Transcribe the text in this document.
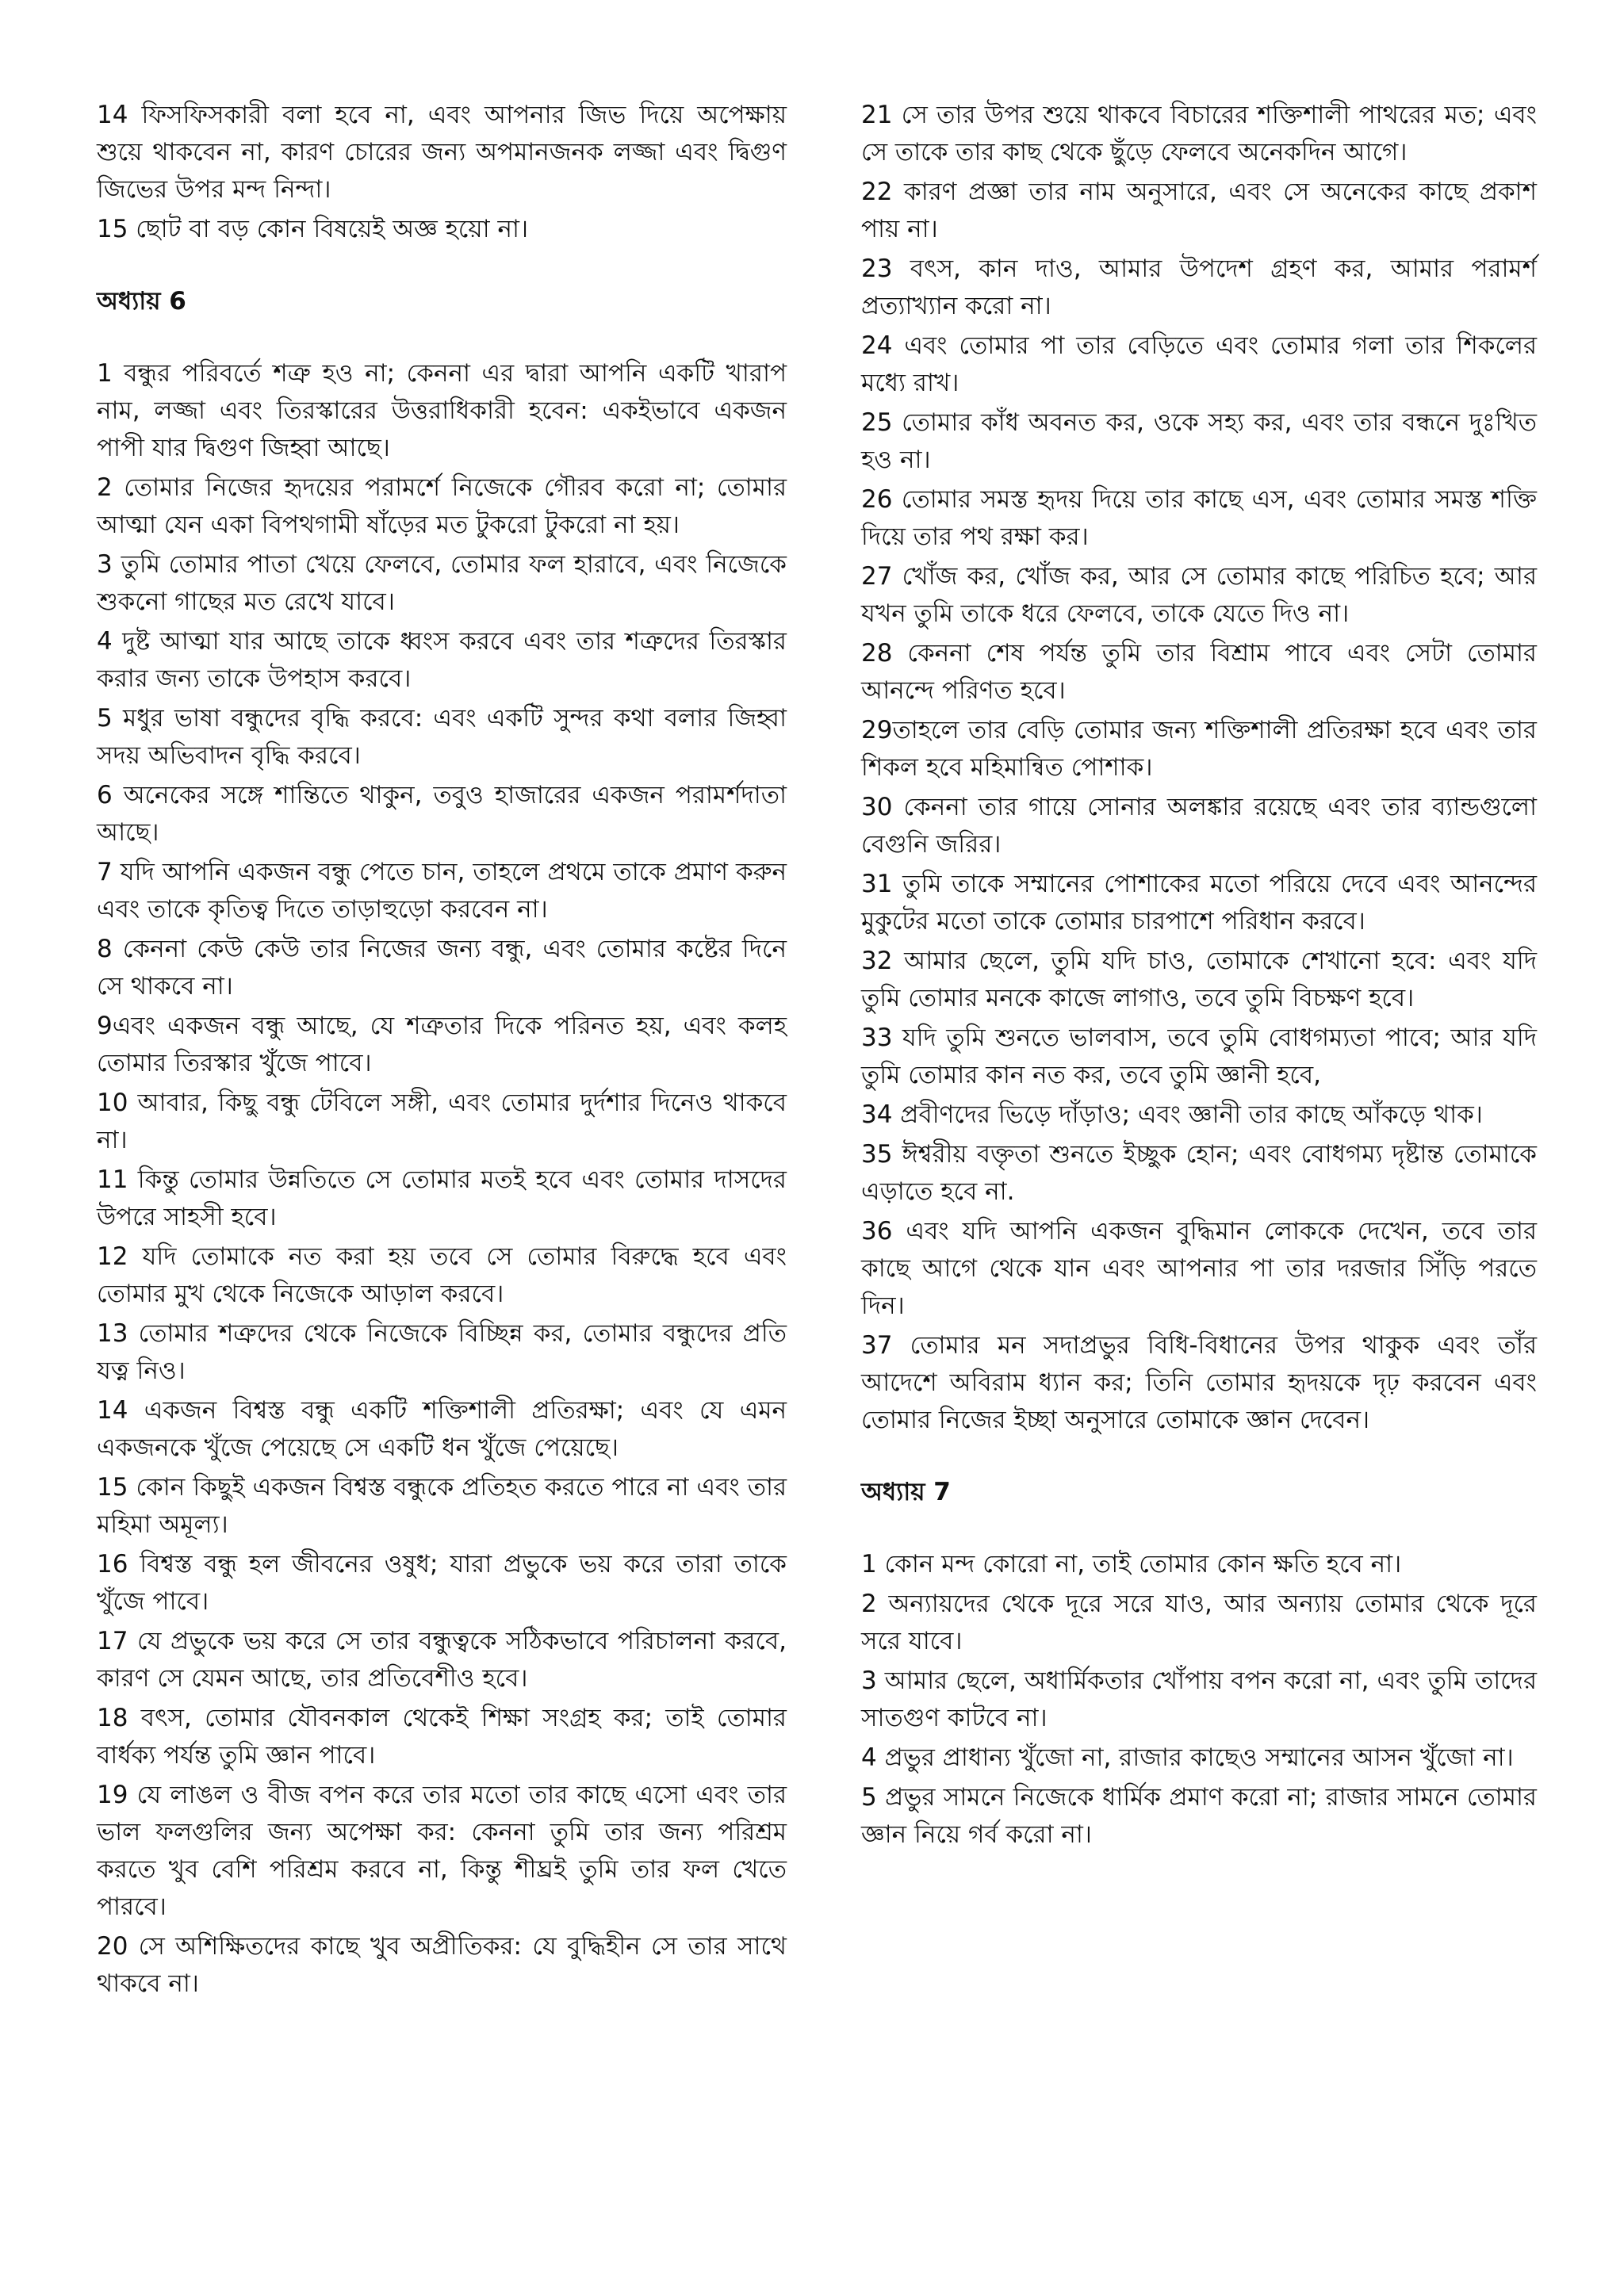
14 ফিসফিসকারী বলা হবে না, এবং আপনার জিভ দিয়ে অপেক্ষায় শুয়ে থাকবেন না, কারণ চোরের জন্য অপমানজনক লজ্জা এবং দ্বিগুণ জিভের উপর মন্দ নিন্দা।

15 ছোট বা বড় কোন বিষয়েই অজ্ঞ হয়ো না।

অধ্যায় 6

1 বন্ধুর পরিবর্তে শত্রু হও না; কেননা এর দ্বারা আপনি একটি খারাপ নাম, লজ্জা এবং তিরস্কারের উত্তরাধিকারী হবেন: একইভাবে একজন পাপী যার দ্বিগুণ জিহ্বা আছে।

2 তোমার নিজের হৃদয়ের পরামর্শে নিজেকে গৌরব করো না; তোমার আত্মা যেন একা বিপথগামী ষাঁড়ের মত টুকরো টুকরো না হয়।

3 তুমি তোমার পাতা খেয়ে ফেলবে, তোমার ফল হারাবে, এবং নিজেকে শুকনো গাছের মত রেখে যাবে।

4 দুষ্ট আত্মা যার আছে তাকে ধ্বংস করবে এবং তার শত্রুদের তিরস্কার করার জন্য তাকে উপহাস করবে।

5 মধুর ভাষা বন্ধুদের বৃদ্ধি করবে: এবং একটি সুন্দর কথা বলার জিহ্বা সদয় অভিবাদন বৃদ্ধি করবে।

6 অনেকের সঙ্গে শান্তিতে থাকুন, তবুও হাজারের একজন পরামর্শদাতা আছে।

7 যদি আপনি একজন বন্ধু পেতে চান, তাহলে প্রথমে তাকে প্রমাণ করুন এবং তাকে কৃতিত্ব দিতে তাড়াহুড়ো করবেন না।

8 কেননা কেউ কেউ তার নিজের জন্য বন্ধু, এবং তোমার কষ্টের দিনে সে থাকবে না।

9এবং একজন বন্ধু আছে, যে শত্রুতার দিকে পরিনত হয়, এবং কলহ তোমার তিরস্কার খুঁজে পাবে।

10 আবার, কিছু বন্ধু টেবিলে সঙ্গী, এবং তোমার দুর্দশার দিনেও থাকবে না।

11 কিন্তু তোমার উন্নতিতে সে তোমার মতই হবে এবং তোমার দাসদের উপরে সাহসী হবে।

12 যদি তোমাকে নত করা হয় তবে সে তোমার বিরুদ্ধে হবে এবং তোমার মুখ থেকে নিজেকে আড়াল করবে।

13 তোমার শত্রুদের থেকে নিজেকে বিচ্ছিন্ন কর, তোমার বন্ধুদের প্রতি যত্ন নিও।

14 একজন বিশ্বস্ত বন্ধু একটি শক্তিশালী প্রতিরক্ষা; এবং যে এমন একজনকে খুঁজে পেয়েছে সে একটি ধন খুঁজে পেয়েছে।

15 কোন কিছুই একজন বিশ্বস্ত বন্ধুকে প্রতিহত করতে পারে না এবং তার মহিমা অমূল্য।

16 বিশ্বস্ত বন্ধু হল জীবনের ওষুধ; যারা প্রভুকে ভয় করে তারা তাকে খুঁজে পাবে।

17 যে প্রভুকে ভয় করে সে তার বন্ধুত্বকে সঠিকভাবে পরিচালনা করবে, কারণ সে যেমন আছে, তার প্রতিবেশীও হবে।

18 বৎস, তোমার যৌবনকাল থেকেই শিক্ষা সংগ্রহ কর; তাই তোমার বার্ধক্য পর্যন্ত তুমি জ্ঞান পাবে।

19 যে লাঙল ও বীজ বপন করে তার মতো তার কাছে এসো এবং তার ভাল ফলগুলির জন্য অপেক্ষা কর: কেননা তুমি তার জন্য পরিশ্রম করতে খুব বেশি পরিশ্রম করবে না, কিন্তু শীঘ্রই তুমি তার ফল খেতে পারবে।

20 সে অশিক্ষিতদের কাছে খুব অপ্রীতিকর: যে বুদ্ধিহীন সে তার সাথে থাকবে না।

21 সে তার উপর শুয়ে থাকবে বিচারের শক্তিশালী পাথরের মত; এবং সে তাকে তার কাছ থেকে ছুঁড়ে ফেলবে অনেকদিন আগে।

22 কারণ প্রজ্ঞা তার নাম অনুসারে, এবং সে অনেকের কাছে প্রকাশ পায় না।

23 বৎস, কান দাও, আমার উপদেশ গ্রহণ কর, আমার পরামর্শ প্রত্যাখ্যান করো না।

24 এবং তোমার পা তার বেড়িতে এবং তোমার গলা তার শিকলের মধ্যে রাখ।

25 তোমার কাঁধ অবনত কর, ওকে সহ্য কর, এবং তার বন্ধনে দুঃখিত হও না।

26 তোমার সমস্ত হৃদয় দিয়ে তার কাছে এস, এবং তোমার সমস্ত শক্তি দিয়ে তার পথ রক্ষা কর।

27 খোঁজ কর, খোঁজ কর, আর সে তোমার কাছে পরিচিত হবে; আর যখন তুমি তাকে ধরে ফেলবে, তাকে যেতে দিও না।

28 কেননা শেষ পর্যন্ত তুমি তার বিশ্রাম পাবে এবং সেটা তোমার আনন্দে পরিণত হবে।

29তাহলে তার বেড়ি তোমার জন্য শক্তিশালী প্রতিরক্ষা হবে এবং তার শিকল হবে মহিমান্বিত পোশাক।

30 কেননা তার গায়ে সোনার অলঙ্কার রয়েছে এবং তার ব্যান্ডগুলো বেগুনি জরির।

31 তুমি তাকে সম্মানের পোশাকের মতো পরিয়ে দেবে এবং আনন্দের মুকুটের মতো তাকে তোমার চারপাশে পরিধান করবে।

32 আমার ছেলে, তুমি যদি চাও, তোমাকে শেখানো হবে: এবং যদি তুমি তোমার মনকে কাজে লাগাও, তবে তুমি বিচক্ষণ হবে।

33 যদি তুমি শুনতে ভালবাস, তবে তুমি বোধগম্যতা পাবে; আর যদি তুমি তোমার কান নত কর, তবে তুমি জ্ঞানী হবে,

34 প্রবীণদের ভিড়ে দাঁড়াও; এবং জ্ঞানী তার কাছে আঁকড়ে থাক।

35 ঈশ্বরীয় বক্তৃতা শুনতে ইচ্ছুক হোন; এবং বোধগম্য দৃষ্টান্ত তোমাকে এড়াতে হবে না.

36 এবং যদি আপনি একজন বুদ্ধিমান লোককে দেখেন, তবে তার কাছে আগে থেকে যান এবং আপনার পা তার দরজার সিঁড়ি পরতে দিন।

37 তোমার মন সদাপ্রভুর বিধি-বিধানের উপর থাকুক এবং তাঁর আদেশে অবিরাম ধ্যান কর; তিনি তোমার হৃদয়কে দৃঢ় করবেন এবং তোমার নিজের ইচ্ছা অনুসারে তোমাকে জ্ঞান দেবেন।

অধ্যায় 7

1 কোন মন্দ কোরো না, তাই তোমার কোন ক্ষতি হবে না।

2 অন্যায়দের থেকে দূরে সরে যাও, আর অন্যায় তোমার থেকে দূরে সরে যাবে।

3 আমার ছেলে, অধার্মিকতার খোঁপায় বপন করো না, এবং তুমি তাদের সাতগুণ কাটবে না।

4 প্রভুর প্রাধান্য খুঁজো না, রাজার কাছেও সম্মানের আসন খুঁজো না।

5 প্রভুর সামনে নিজেকে ধার্মিক প্রমাণ করো না; রাজার সামনে তোমার জ্ঞান নিয়ে গর্ব করো না।
